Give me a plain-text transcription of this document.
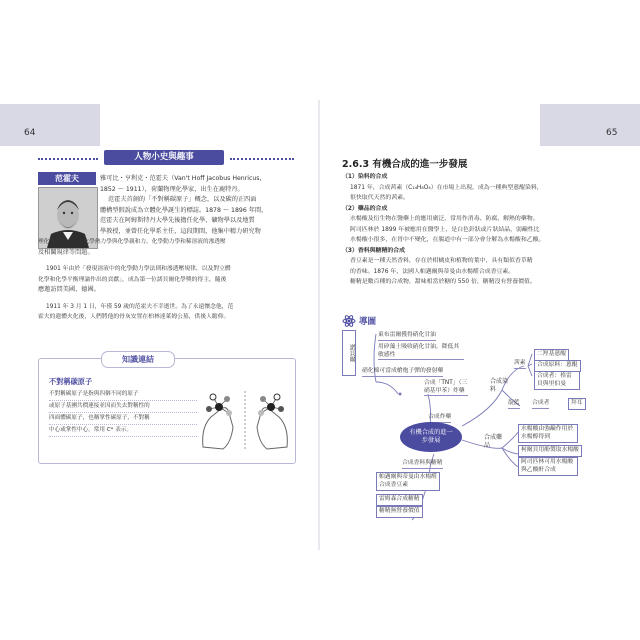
64	65
人物小史與趣事
范霍夫	雅可比・亨利克・范霍夫（Van't Hoff Jacobus Henricus，
1852 ～ 1911），荷蘭物理化學家，出生在鹿特丹。
范霍夫首創的「不對稱碳原子」概念，以及碳的正四面
體構型假說成為立體化學誕生的標誌。1878 ～ 1896 年間，
范霍夫在阿姆斯特丹大學先後擔任化學、礦物學以及地質
學教授，並曾任化學系主任，這段期間，他集中精力研究物
理化學問題，探索化學熱力學與化學親和力、化學動力學和稀溶液的滲透壓
及相關規律等問題。
1901 年由於「發現溶液中的化學動力學法則和滲透壓規律，以及對立體
化學和化學平衡理論作出的貢獻」，成為第一位諾貝爾化學獎的得主，隨後
應邀訪問美國、德國。
1911 年 3 月 1 日，年僅 59 歲的范霍夫不幸逝世。為了永遠懷念他，范
霍夫的遺體火化後，人們將他的骨灰安置在柏林達萊姆公墓，供後人瞻仰。
知識連結
不對稱碳原子
不對稱碳原子是指與四個不同的原子
或原子基團共價連接並因而失去對稱性的
四面體碳原子，也稱掌性碳原子，不對稱
中心或掌性中心，常用 C* 表示。
2.6.3 有機合成的進一步發展
（1）染料的合成
1871 年，合成茜素（C₁₄H₈O₄）在市場上出現，成為一種典型蒽醌染料，
很快取代天然的茜素。
（2）藥品的合成
水楊酸及衍生物在醫藥上的應用廣泛，常用作消毒、防腐、解熱的藥物。
阿司匹林於 1899 年被應用在醫學上，是白色針狀或片狀結晶，弱鹼性比
水楊酸小很多，在胃中不變化，在腸道中有一部分會分解為水楊酸和乙酸。
（3）香料與糖精的合成
香豆素是一種天然香料，存在於柑橘皮和植物的葉中，具有類似香草精
的香味。1876 年，法國人帕邁爾與蒂曼由水楊醛合成香豆素。
糖精是數百種的合成物，甜味相當於糖的 550 倍，糖精沒有營養價值。
導圖
諾貝爾
東布雷爾獲得硝化甘油
用矽藻土吸收硝化甘油，降低其敏感性
硝化棉可當成槍炮子彈的發射藥
合成「TNT」（三硝基甲苯）炸藥
合成炸藥
有機合成的進一步發展
合成染料
茜素
二羥基蒽醌
合成原料：蒽醌
合成者：格雷貝與里伯曼
靛藍 合成者	拜耳
合成藥品
水楊酸由強鹼作用於水楊醇得到
柯爾貝用酚製取水楊酸
阿司匹林可用水楊酸與乙酸酐合成
合成香料與糖精
帕邁爾與蒂曼由水楊醛合成香豆素
雷姆森合成糖精
糖精無營養價值
